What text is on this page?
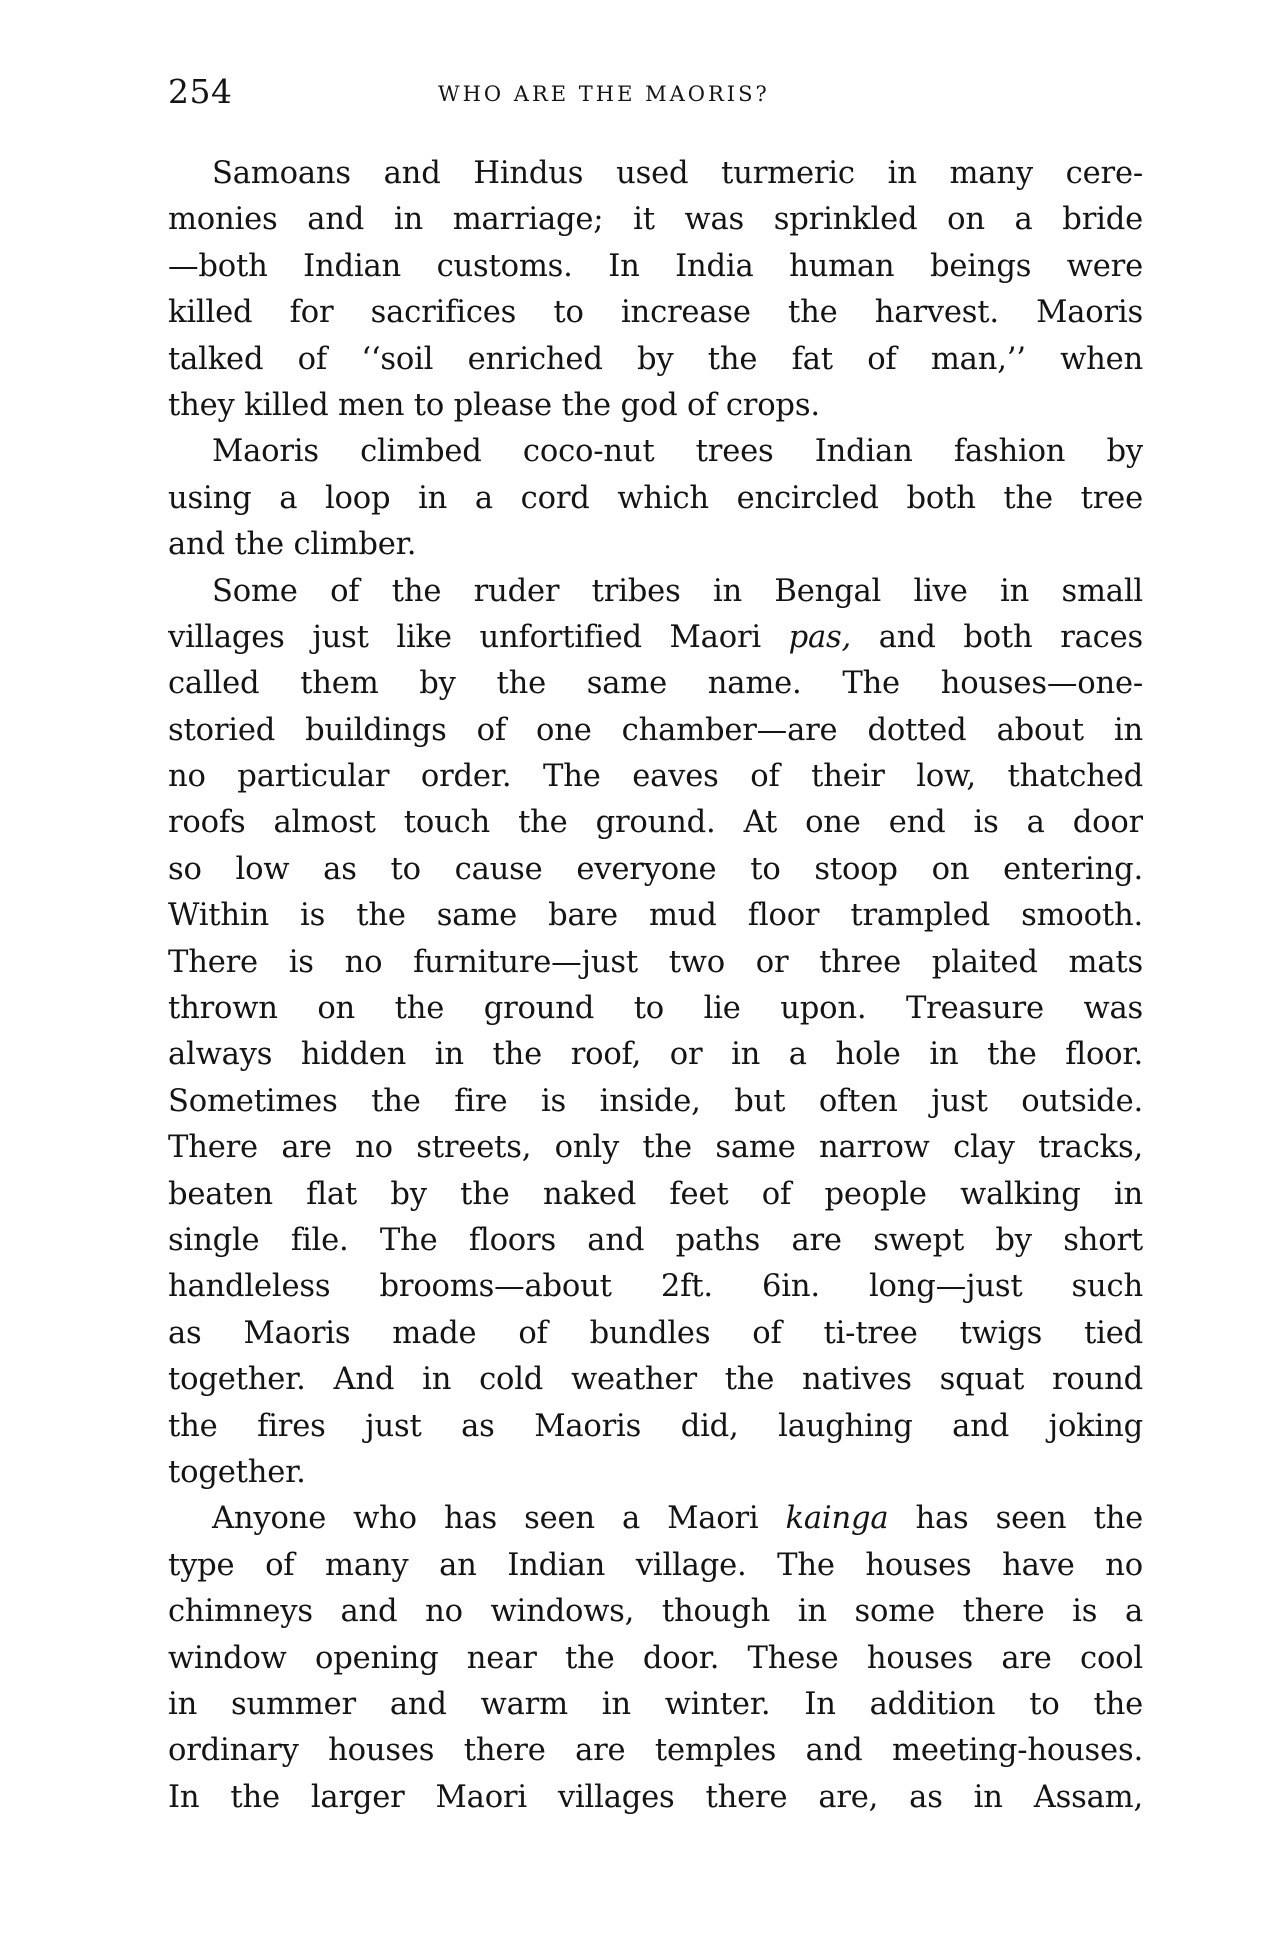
254	WHO ARE THE MAORIS?
Samoans and Hindus used turmeric in many cere-
monies and in marriage; it was sprinkled on a bride
—both Indian customs. In India human beings were
killed for sacrifices to increase the harvest. Maoris
talked of ‘‘soil enriched by the fat of man,’’ when
they killed men to please the god of crops.
Maoris climbed coco-nut trees Indian fashion by
using a loop in a cord which encircled both the tree
and the climber.
Some of the ruder tribes in Bengal live in small
villages just like unfortified Maori pas, and both races
called them by the same name. The houses—one-
storied buildings of one chamber—are dotted about in
no particular order. The eaves of their low, thatched
roofs almost touch the ground. At one end is a door
so low as to cause everyone to stoop on entering.
Within is the same bare mud floor trampled smooth.
There is no furniture—just two or three plaited mats
thrown on the ground to lie upon. Treasure was
always hidden in the roof, or in a hole in the floor.
Sometimes the fire is inside, but often just outside.
There are no streets, only the same narrow clay tracks,
beaten flat by the naked feet of people walking in
single file. The floors and paths are swept by short
handleless brooms—about 2ft. 6in. long—just such
as Maoris made of bundles of ti-tree twigs tied
together. And in cold weather the natives squat round
the fires just as Maoris did, laughing and joking
together.
Anyone who has seen a Maori kainga has seen the
type of many an Indian village. The houses have no
chimneys and no windows, though in some there is a
window opening near the door. These houses are cool
in summer and warm in winter. In addition to the
ordinary houses there are temples and meeting-houses.
In the larger Maori villages there are, as in Assam,
